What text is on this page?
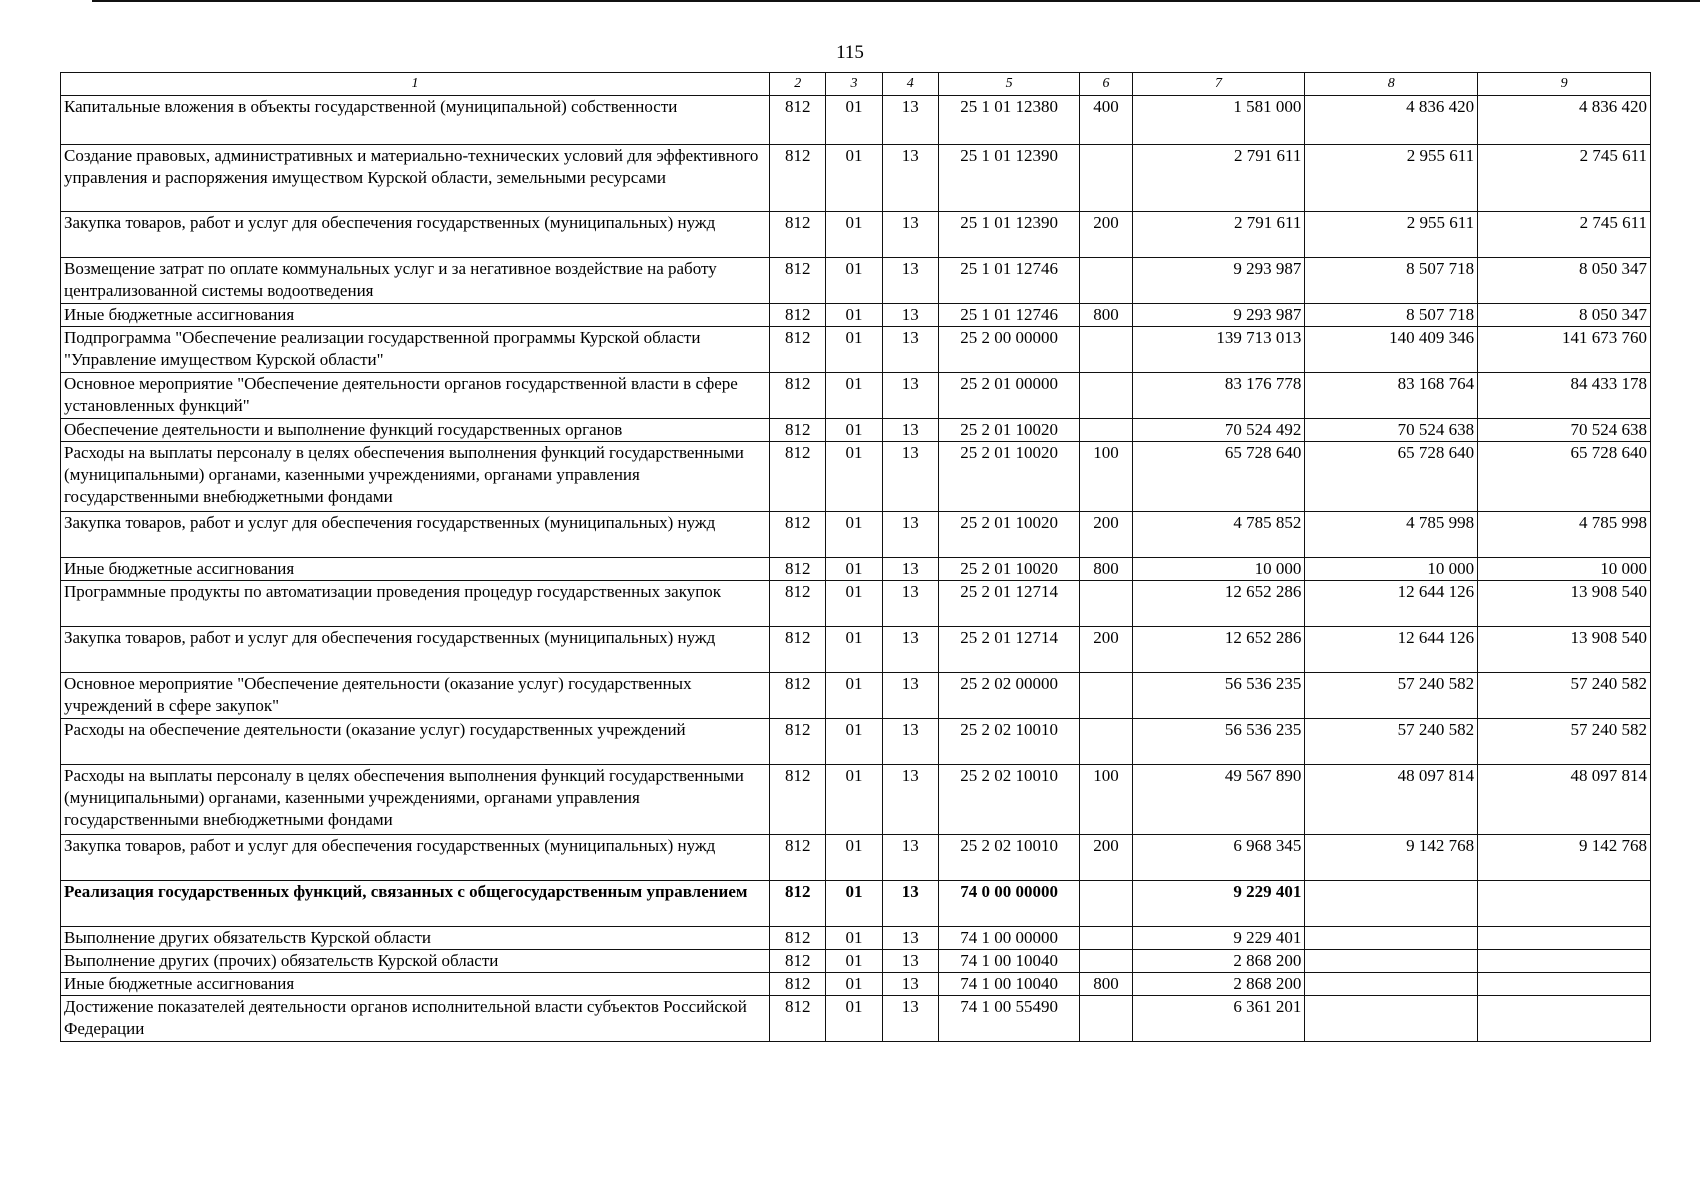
115
1	2	3	4	5	6	7	8	9
Капитальные вложения в объекты государственной (муниципальной) собственности	812	01	13	25 1 01 12380	400	1 581 000	4 836 420	4 836 420
Создание правовых, административных и материально-технических условий для эффективного управления и распоряжения имуществом Курской области, земельными ресурсами	812	01	13	25 1 01 12390		2 791 611	2 955 611	2 745 611
Закупка товаров, работ и услуг для обеспечения государственных (муниципальных) нужд	812	01	13	25 1 01 12390	200	2 791 611	2 955 611	2 745 611
Возмещение затрат по оплате коммунальных услуг и за негативное воздействие на работу централизованной системы водоотведения	812	01	13	25 1 01 12746		9 293 987	8 507 718	8 050 347
Иные бюджетные ассигнования	812	01	13	25 1 01 12746	800	9 293 987	8 507 718	8 050 347
Подпрограмма "Обеспечение реализации государственной программы Курской области "Управление имуществом Курской области"	812	01	13	25 2 00 00000		139 713 013	140 409 346	141 673 760
Основное мероприятие "Обеспечение деятельности органов государственной власти в сфере установленных функций"	812	01	13	25 2 01 00000		83 176 778	83 168 764	84 433 178
Обеспечение деятельности и выполнение функций государственных органов	812	01	13	25 2 01 10020		70 524 492	70 524 638	70 524 638
Расходы на выплаты персоналу в целях обеспечения выполнения функций государственными (муниципальными) органами, казенными учреждениями, органами управления государственными внебюджетными фондами	812	01	13	25 2 01 10020	100	65 728 640	65 728 640	65 728 640
Закупка товаров, работ и услуг для обеспечения государственных (муниципальных) нужд	812	01	13	25 2 01 10020	200	4 785 852	4 785 998	4 785 998
Иные бюджетные ассигнования	812	01	13	25 2 01 10020	800	10 000	10 000	10 000
Программные продукты по автоматизации проведения процедур государственных закупок	812	01	13	25 2 01 12714		12 652 286	12 644 126	13 908 540
Закупка товаров, работ и услуг для обеспечения государственных (муниципальных) нужд	812	01	13	25 2 01 12714	200	12 652 286	12 644 126	13 908 540
Основное мероприятие "Обеспечение деятельности (оказание услуг) государственных учреждений в сфере закупок"	812	01	13	25 2 02 00000		56 536 235	57 240 582	57 240 582
Расходы на обеспечение деятельности (оказание услуг) государственных учреждений	812	01	13	25 2 02 10010		56 536 235	57 240 582	57 240 582
Расходы на выплаты персоналу в целях обеспечения выполнения функций государственными (муниципальными) органами, казенными учреждениями, органами управления государственными внебюджетными фондами	812	01	13	25 2 02 10010	100	49 567 890	48 097 814	48 097 814
Закупка товаров, работ и услуг для обеспечения государственных (муниципальных) нужд	812	01	13	25 2 02 10010	200	6 968 345	9 142 768	9 142 768
Реализация государственных функций, связанных с общегосударственным управлением	812	01	13	74 0 00 00000		9 229 401		
Выполнение других обязательств Курской области	812	01	13	74 1 00 00000		9 229 401		
Выполнение других (прочих) обязательств Курской области	812	01	13	74 1 00 10040		2 868 200		
Иные бюджетные ассигнования	812	01	13	74 1 00 10040	800	2 868 200		
Достижение показателей деятельности органов исполнительной власти субъектов Российской Федерации	812	01	13	74 1 00 55490		6 361 201		
